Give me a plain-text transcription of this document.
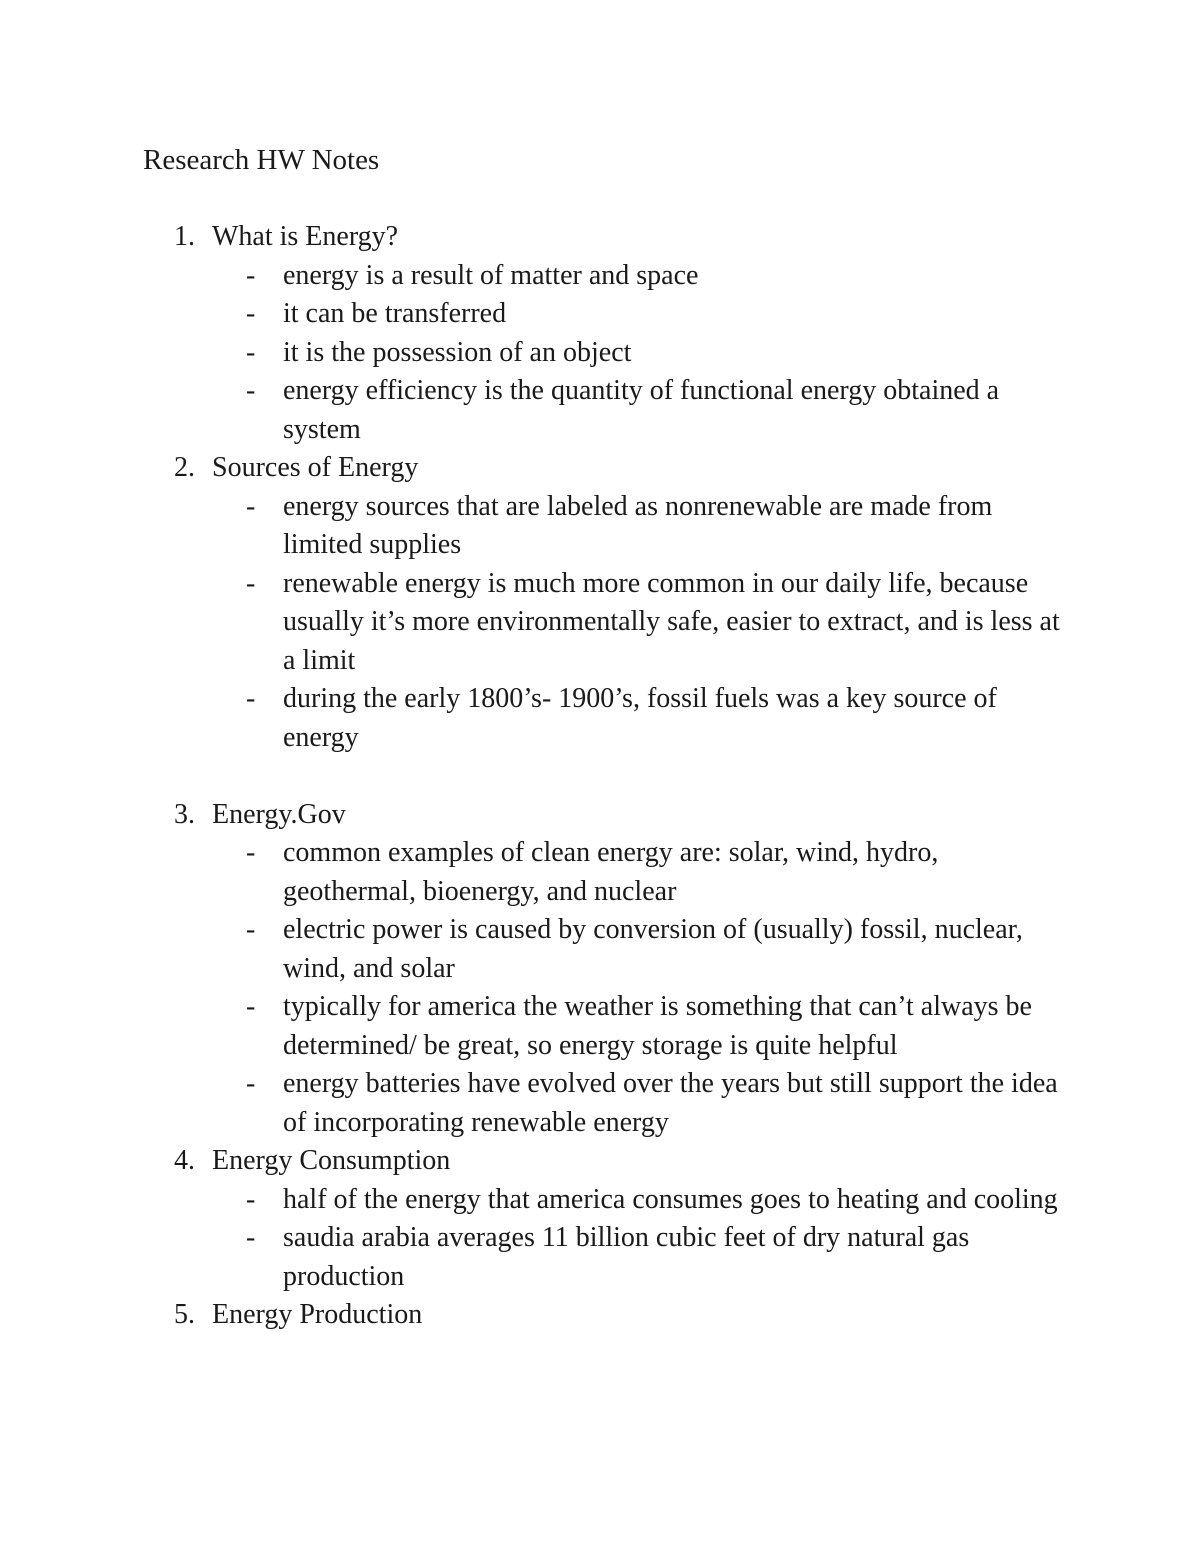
Research HW Notes
1. What is Energy?
- energy is a result of matter and space
- it can be transferred
- it is the possession of an object
- energy efficiency is the quantity of functional energy obtained a system
2. Sources of Energy
- energy sources that are labeled as nonrenewable are made from limited supplies
- renewable energy is much more common in our daily life, because usually it’s more environmentally safe, easier to extract, and is less at a limit
- during the early 1800’s- 1900’s, fossil fuels was a key source of energy
3. Energy.Gov
- common examples of clean energy are: solar, wind, hydro, geothermal, bioenergy, and nuclear
- electric power is caused by conversion of (usually) fossil, nuclear, wind, and solar
- typically for america the weather is something that can’t always be determined/ be great, so energy storage is quite helpful
- energy batteries have evolved over the years but still support the idea of incorporating renewable energy
4. Energy Consumption
- half of the energy that america consumes goes to heating and cooling
- saudia arabia averages 11 billion cubic feet of dry natural gas production
5. Energy Production
